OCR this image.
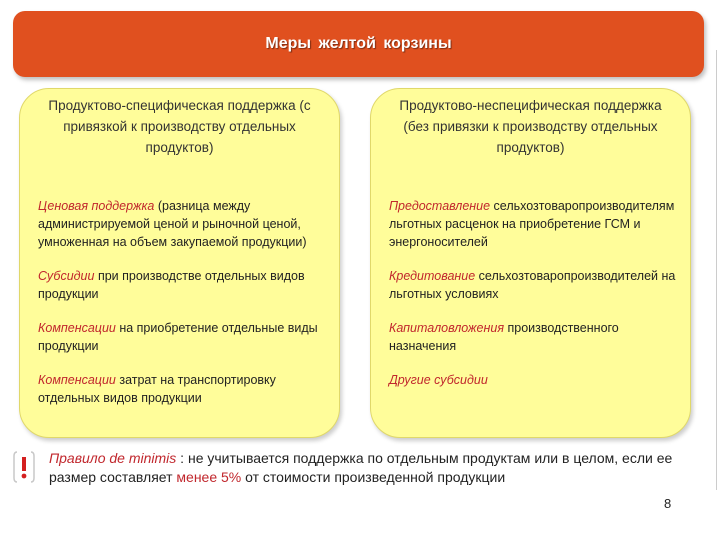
Меры желтой корзины
Продуктово-специфическая поддержка (с привязкой к производству отдельных продуктов)
Ценовая поддержка (разница между администрируемой ценой и рыночной ценой, умноженная на объем закупаемой продукции)
Субсидии при производстве отдельных видов продукции
Компенсации на приобретение отдельные виды продукции
Компенсации затрат на транспортировку отдельных видов продукции
Продуктово-неспецифическая поддержка (без привязки к производству отдельных продуктов)
Предоставление сельхозтоваропроизводителям льготных расценок на приобретение ГСМ и энергоносителей
Кредитование сельхозтоваропроизводителей на льготных условиях
Капиталовложения производственного назначения
Другие субсидии
Правило de minimis : не учитывается поддержка по отдельным продуктам или в целом, если ее размер составляет менее 5% от стоимости произведенной продукции
8
